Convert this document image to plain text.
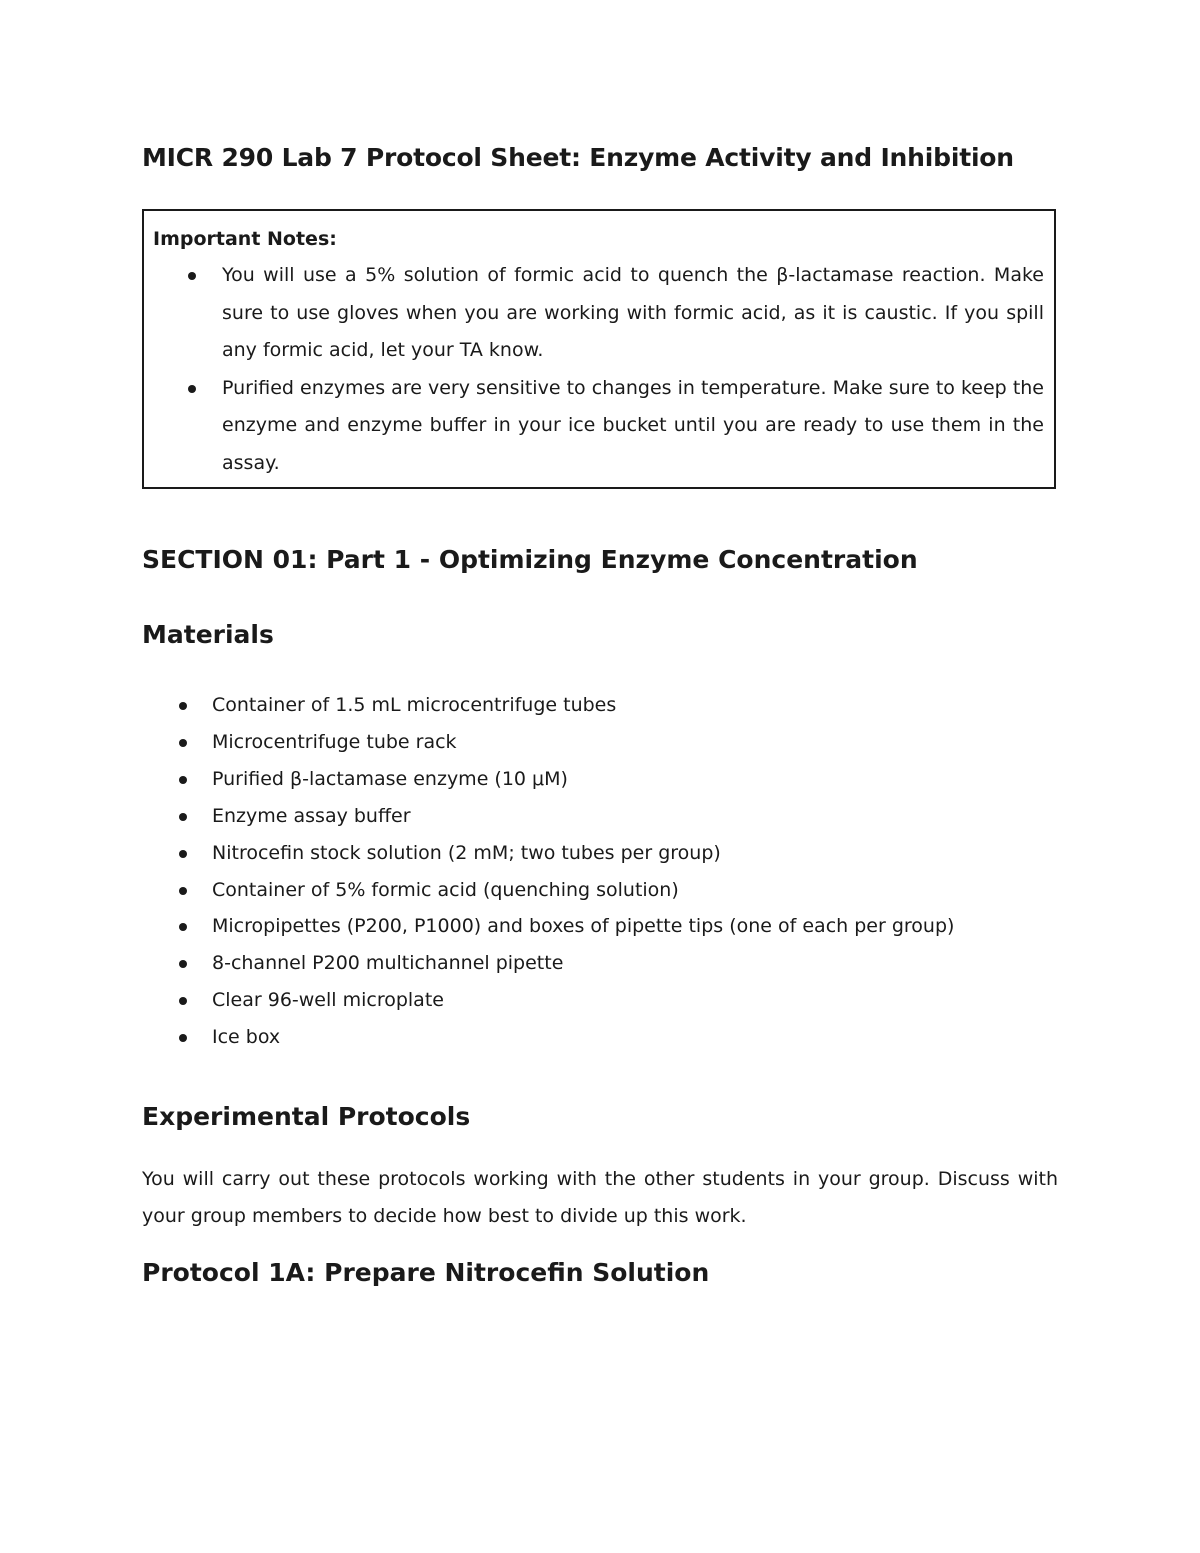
MICR 290 Lab 7 Protocol Sheet: Enzyme Activity and Inhibition
Important Notes:
You will use a 5% solution of formic acid to quench the β-lactamase reaction. Make sure to use gloves when you are working with formic acid, as it is caustic. If you spill any formic acid, let your TA know.
Purified enzymes are very sensitive to changes in temperature. Make sure to keep the enzyme and enzyme buffer in your ice bucket until you are ready to use them in the assay.
SECTION 01: Part 1 - Optimizing Enzyme Concentration
Materials
Container of 1.5 mL microcentrifuge tubes
Microcentrifuge tube rack
Purified β-lactamase enzyme (10 μM)
Enzyme assay buffer
Nitrocefin stock solution (2 mM; two tubes per group)
Container of 5% formic acid (quenching solution)
Micropipettes (P200, P1000) and boxes of pipette tips (one of each per group)
8-channel P200 multichannel pipette
Clear 96-well microplate
Ice box
Experimental Protocols
You will carry out these protocols working with the other students in your group. Discuss with your group members to decide how best to divide up this work.
Protocol 1A: Prepare Nitrocefin Solution
